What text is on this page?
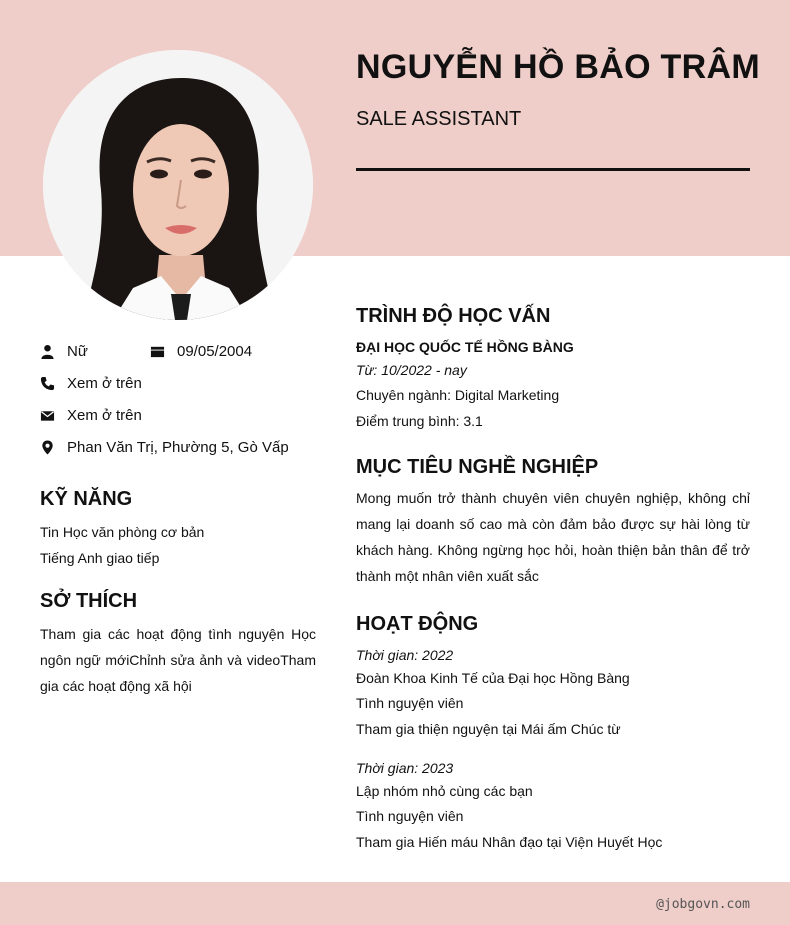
NGUYỄN HỒ BẢO TRÂM
SALE ASSISTANT
Nữ	09/05/2004
Xem ở trên
Xem ở trên
Phan Văn Trị, Phường 5, Gò Vấp
KỸ NĂNG
Tin Học văn phòng cơ bản
Tiếng Anh giao tiếp
SỞ THÍCH
Tham gia các hoạt động tình nguyện Học ngôn ngữ mớiChỉnh sửa ảnh và videoTham gia các hoạt động xã hội
TRÌNH ĐỘ HỌC VẤN
ĐẠI HỌC QUỐC TẾ HỒNG BÀNG
Từ: 10/2022 - nay
Chuyên ngành: Digital Marketing
Điểm trung bình: 3.1
MỤC TIÊU NGHỀ NGHIỆP
Mong muốn trở thành chuyên viên chuyên nghiệp, không chỉ mang lại doanh số cao mà còn đảm bảo được sự hài lòng từ khách hàng. Không ngừng học hỏi, hoàn thiện bản thân để trở thành một nhân viên xuất sắc
HOẠT ĐỘNG
Thời gian: 2022
Đoàn Khoa Kinh Tế của Đại học Hồng Bàng
Tình nguyện viên
Tham gia thiện nguyện tại Mái ấm Chúc từ
Thời gian: 2023
Lập nhóm nhỏ cùng các bạn
Tình nguyện viên
Tham gia Hiến máu Nhân đạo tại Viện Huyết Học
@jobgovn.com
